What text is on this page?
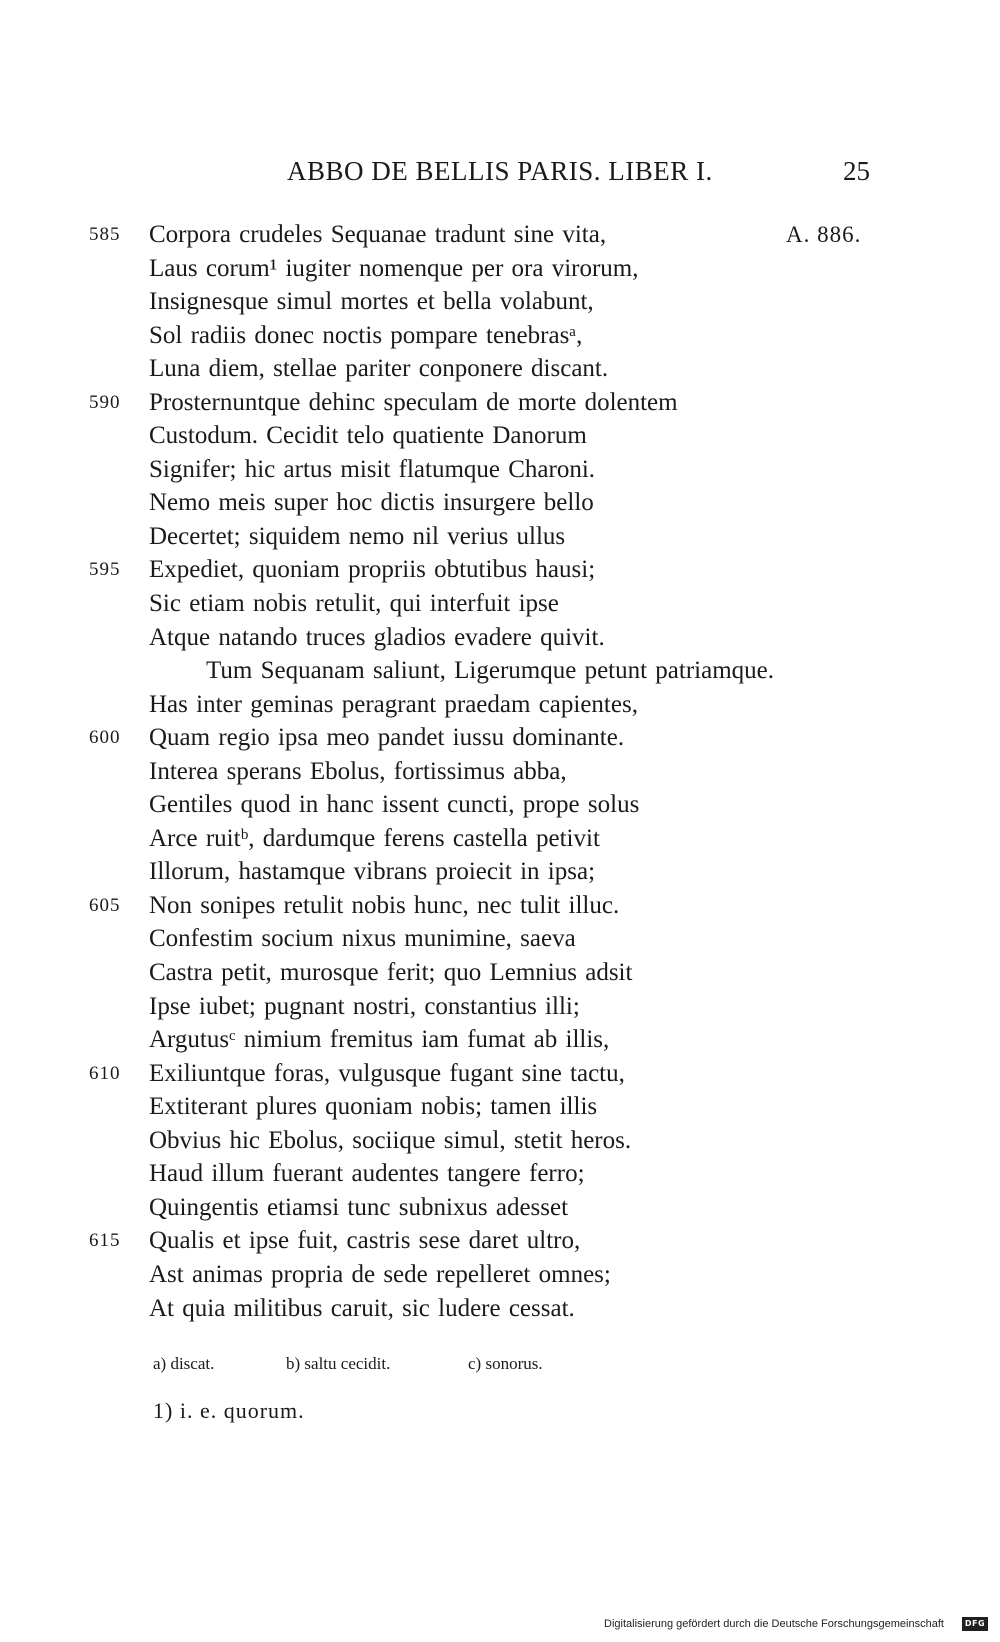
ABBO DE BELLIS PARIS. LIBER I.	25
585	Corpora crudeles Sequanae tradunt sine vita,	A. 886.
Laus corum¹ iugiter nomenque per ora virorum,
Insignesque simul mortes et bella volabunt,
Sol radiis donec noctis pompare tenebrasᵃ,
Luna diem, stellae pariter conponere discant.
590	Prosternuntque dehinc speculam de morte dolentem
Custodum. Cecidit telo quatiente Danorum
Signifer; hic artus misit flatumque Charoni.
Nemo meis super hoc dictis insurgere bello
Decertet; siquidem nemo nil verius ullus
595	Expediet, quoniam propriis obtutibus hausi;
Sic etiam nobis retulit, qui interfuit ipse
Atque natando truces gladios evadere quivit.
Tum Sequanam saliunt, Ligerumque petunt patriamque.
Has inter geminas peragrant praedam capientes,
600	Quam regio ipsa meo pandet iussu dominante.
Interea sperans Ebolus, fortissimus abba,
Gentiles quod in hanc issent cuncti, prope solus
Arce ruitᵇ, dardumque ferens castella petivit
Illorum, hastamque vibrans proiecit in ipsa;
605	Non sonipes retulit nobis hunc, nec tulit illuc.
Confestim socium nixus munimine, saeva
Castra petit, murosque ferit; quo Lemnius adsit
Ipse iubet; pugnant nostri, constantius illi;
Argutusᶜ nimium fremitus iam fumat ab illis,
610	Exiliuntque foras, vulgusque fugant sine tactu,
Extiterant plures quoniam nobis; tamen illis
Obvius hic Ebolus, sociique simul, stetit heros.
Haud illum fuerant audentes tangere ferro;
Quingentis etiamsi tunc subnixus adesset
615	Qualis et ipse fuit, castris sese daret ultro,
Ast animas propria de sede repelleret omnes;
At quia militibus caruit, sic ludere cessat.
a) discat.	b) saltu cecidit.	c) sonorus.
1) i. e. quorum.
Digitalisierung gefördert durch die Deutsche Forschungsgemeinschaft	DFG
